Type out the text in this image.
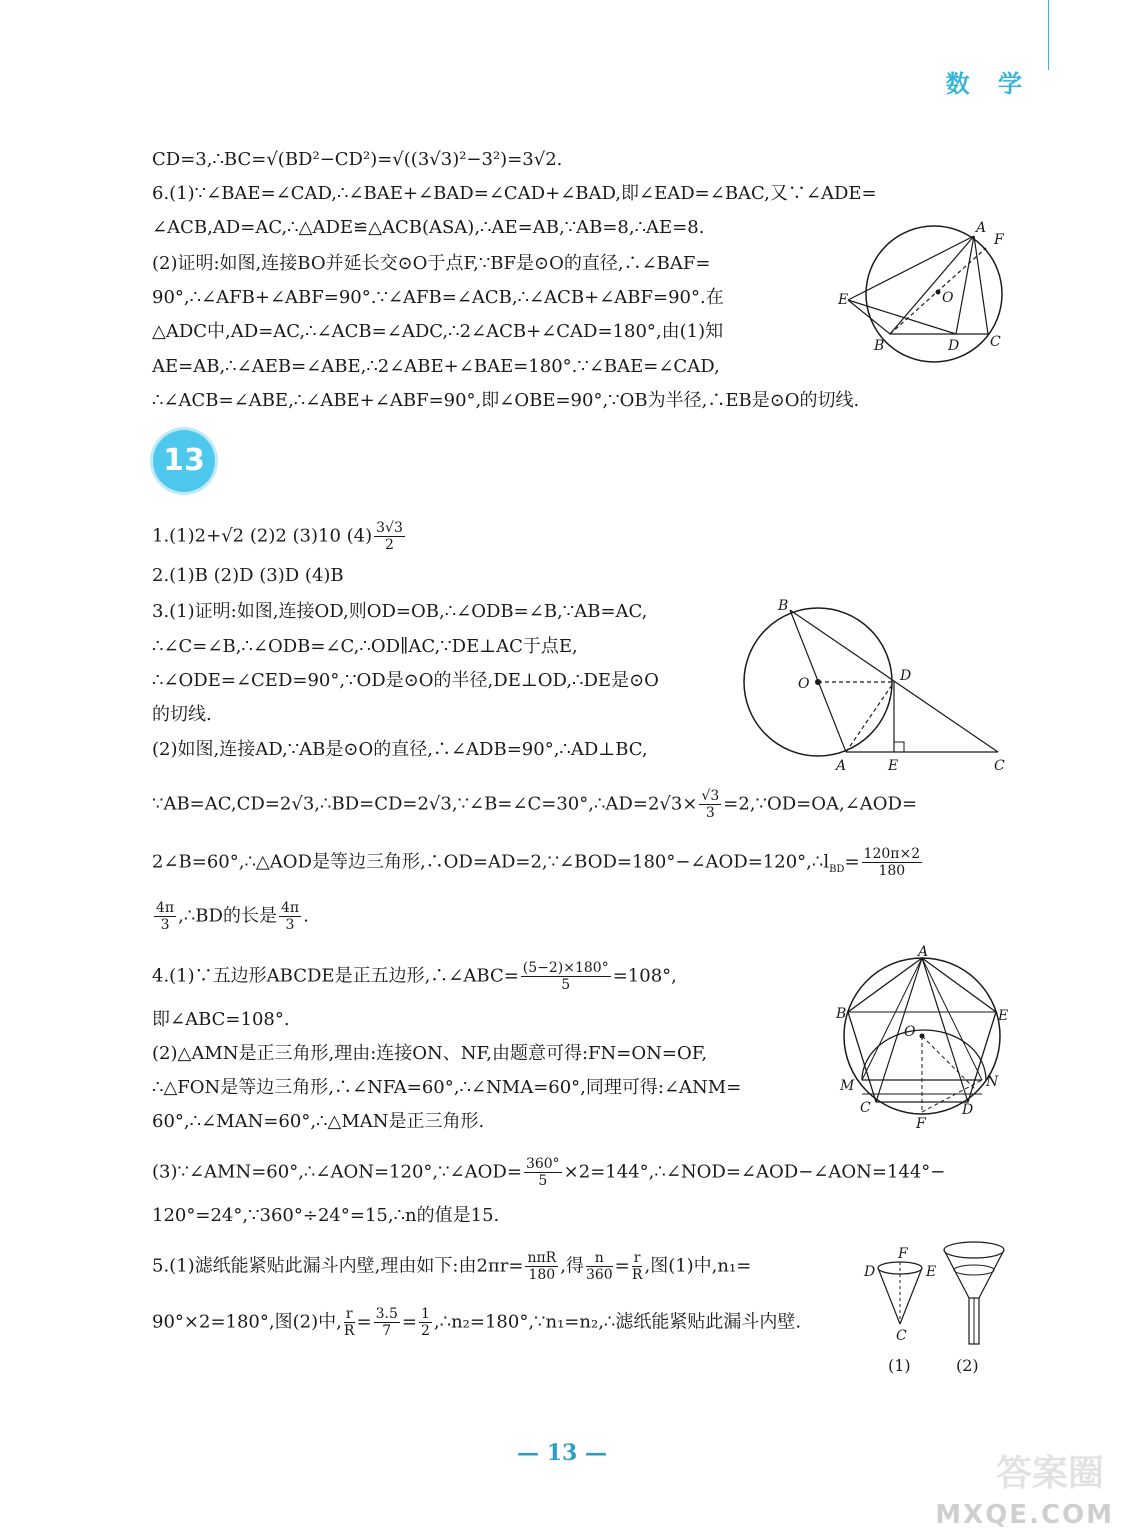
数 学
CD=3,∴BC=√(BD²−CD²)=√((3√3)²−3²)=3√2.
6.(1)∵∠BAE=∠CAD,∴∠BAE+∠BAD=∠CAD+∠BAD,即∠EAD=∠BAC,又∵∠ADE=
∠ACB,AD=AC,∴△ADE≌△ACB(ASA),∴AE=AB,∵AB=8,∴AE=8.
(2)证明:如图,连接BO并延长交⊙O于点F,∵BF是⊙O的直径,∴∠BAF=
90°,∴∠AFB+∠ABF=90°.∵∠AFB=∠ACB,∴∠ACB+∠ABF=90°.在
△ADC中,AD=AC,∴∠ACB=∠ADC,∴2∠ACB+∠CAD=180°,由(1)知
AE=AB,∴∠AEB=∠ABE,∴2∠ABE+∠BAE=180°.∵∠BAE=∠CAD,
∴∠ACB=∠ABE,∴∠ABE+∠ABF=90°,即∠OBE=90°,∵OB为半径,∴EB是⊙O的切线.
A
F
E	O
B	D C
13
1.(1)2+√2 (2)2 (3)10 $(4) \frac{3√3}{2}$
2.(1)B (2)D (3)D (4)B
3.(1)证明:如图,连接OD,则OD=OB,∴∠ODB=∠B,∵AB=AC,
∴∠C=∠B,∴∠ODB=∠C,∴OD∥AC,∵DE⊥AC于点E,
∴∠ODE=∠CED=90°,∵OD是⊙O的半径,DE⊥OD,∴DE是⊙O
的切线.
(2)如图,连接AD,∵AB是⊙O的直径,∴∠ADB=90°,∴AD⊥BC,
B
D
O
A	E	C
∵AB=AC,CD=2√3,∴BD=CD=2√3,∵∠B=∠C=30°,∴AD=2√3× $\frac{√3}{3}$ =2,∵OD=OA,∠AOD=
2∠B=60°,∴△AOD是等边三角形$,\therefore OD=AD=2,\because\angle BOD=180^\circ-\angle AOD=120^\circ,\therefore l_{BD}= \frac{120\pi\times 2}{180}$
$\frac{4\pi}{3}$ ,∴BD的长是 $\frac{4\pi}{3}$ .
4.(1)∵五边形ABCDE是正五边形,∴∠ABC= $\frac{(5-2)\times 180^\circ}{5} =108^\circ$,
即∠ABC=108°.
(2)△AMN是正三角形,理由:连接ON、NF,由题意可得:FN=ON=OF,
∴△FON是等边三角形,∴∠NFA=60°,∴∠NMA=60°,同理可得:∠ANM=
60°,∴∠MAN=60°,∴△MAN是正三角形.
A
B	E
O
M	N
C	D
F
(3)∵∠AMN=60°,∴∠AON=120°,∵∠AOD= $\frac{360^\circ}{5}$ ×2=144°,∴∠NOD=∠AOD−∠AON=144°−
120°=24°,∵360°÷24°=15,∴n的值是15.
5.(1)滤纸能紧贴此漏斗内壁,理由如下:由$2\pi r= \frac{\text{nπR}}{180}$ ,得 $\frac{n}{360} = \frac{r}{R}$ ,图(1)中,n₁=
90°×2=180°,图(2)中, $\frac{r}{R} = \frac{3.5}{7} = \frac{1}{2}$ ,∴n₂=180°,∵n₁=n₂,∴滤纸能紧贴此漏斗内壁.
F
D	E
C
(1)	(2)
— 13 —	答案圈
MXQE.COM
